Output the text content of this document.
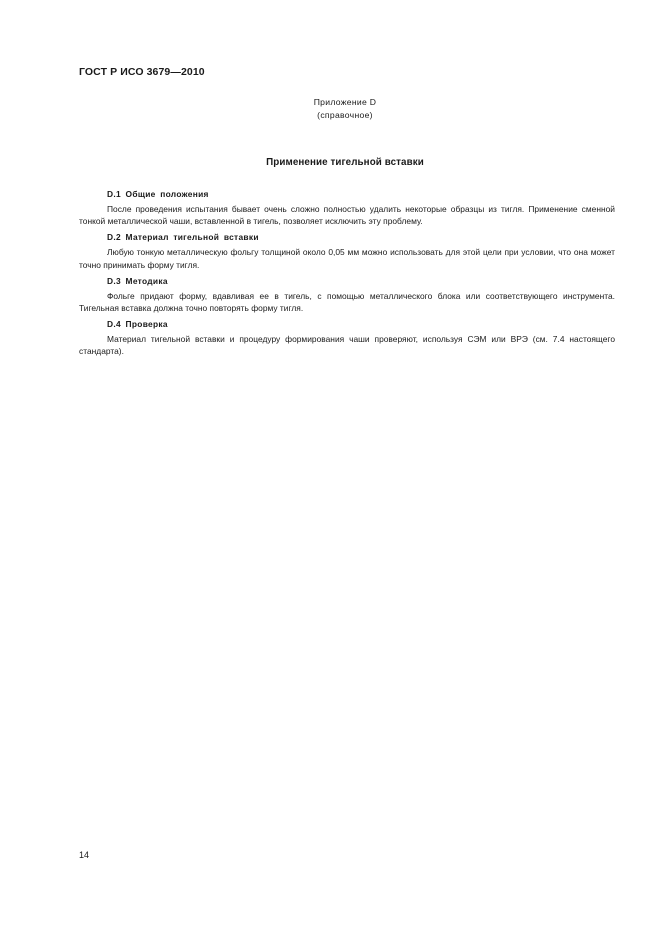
ГОСТ Р ИСО 3679—2010
Приложение D
(справочное)
Применение тигельной вставки

D.1 Общие положения

После проведения испытания бывает очень сложно полностью удалить некоторые образцы из тигля. Применение сменной тонкой металлической чаши, вставленной в тигель, позволяет исключить эту проблему.

D.2 Материал тигельной вставки

Любую тонкую металлическую фольгу толщиной около 0,05 мм можно использовать для этой цели при условии, что она может точно принимать форму тигля.

D.3 Методика

Фольге придают форму, вдавливая ее в тигель, с помощью металлического блока или соответствующего инструмента. Тигельная вставка должна точно повторять форму тигля.

D.4 Проверка

Материал тигельной вставки и процедуру формирования чаши проверяют, используя СЭМ или ВРЭ (см. 7.4 настоящего стандарта).

14
